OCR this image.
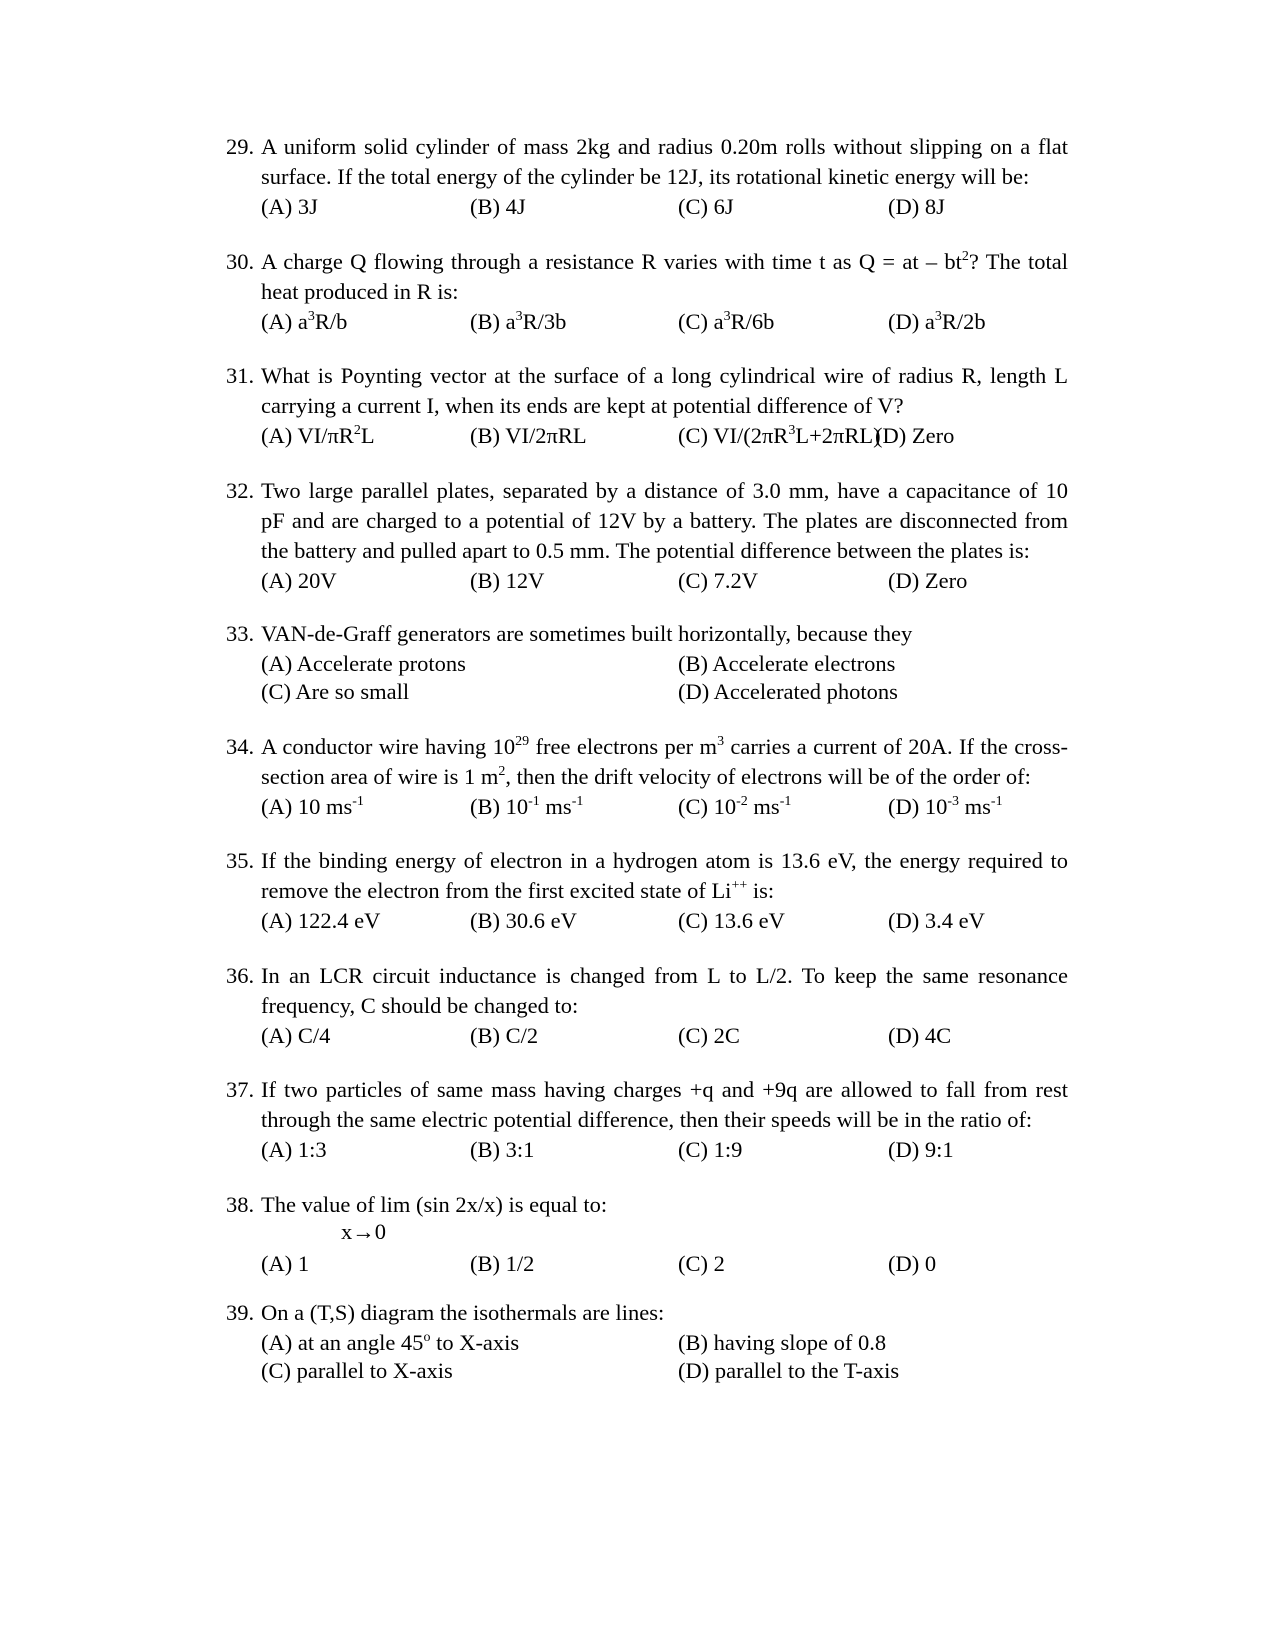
29. A uniform solid cylinder of mass 2kg and radius 0.20m rolls without slipping on a flat
surface. If the total energy of the cylinder be 12J, its rotational kinetic energy will be:
(A) 3J	(B) 4J	(C) 6J	(D) 8J
30. A charge Q flowing through a resistance R varies with time t as Q = at – $bt^2$? The total
heat produced in R is:
(A) $a^3R/b$	(B) $a^3R/3b$	(C) $a^3R/6b$	(D) $a^3R/2b$
31. What is Poynting vector at the surface of a long cylindrical wire of radius R, length L
carrying a current I, when its ends are kept at potential difference of V?
(A) $VI/\pi R^2L$	(B) VI/2πRL	(C) $VI/(2\pi R^3L+2\pi RL)$
(D) Zero
32. Two large parallel plates, separated by a distance of 3.0 mm, have a capacitance of 10
pF and are charged to a potential of 12V by a battery. The plates are disconnected from
the battery and pulled apart to 0.5 mm. The potential difference between the plates is:
(A) 20V	(B) 12V	(C) 7.2V	(D) Zero
33. VAN-de-Graff generators are sometimes built horizontally, because they
(A) Accelerate protons	(B) Accelerate electrons
(C) Are so small	(D) Accelerated photons
34. A conductor wire having $10^{29}$ free electrons per $m^3$ carries a current of 20A. If the cross-
section area of wire is 1 $m^2$, then the drift velocity of electrons will be of the order of:
(A) 10 $ms^{-1}$	(B) $10^{-1}$ $ms^{-1}$	(C) $10^{-2}$ $ms^{-1}$	(D) $10^{-3}$ $ms^{-1}$
35. If the binding energy of electron in a hydrogen atom is 13.6 eV, the energy required to
remove the electron from the first excited state of Li++ is:
(A) 122.4 eV	(B) 30.6 eV	(C) 13.6 eV	(D) 3.4 eV
36. In an LCR circuit inductance is changed from L to L/2. To keep the same resonance
frequency, C should be changed to:
(A) C/4	(B) C/2	(C) 2C	(D) 4C
37. If two particles of same mass having charges +q and +9q are allowed to fall from rest
through the same electric potential difference, then their speeds will be in the ratio of:
(A) 1:3	(B) 3:1	(C) 1:9	(D) 9:1
38. The value of lim (sin 2x/x) is equal to:
x→0
(A) 1	(B) 1/2	(C) 2	(D) 0
39. On a (T,S) diagram the isothermals are lines:
(A) at an angle 45$^o$ to X-axis	(B) having slope of 0.8
(C) parallel to X-axis	(D) parallel to the T-axis
